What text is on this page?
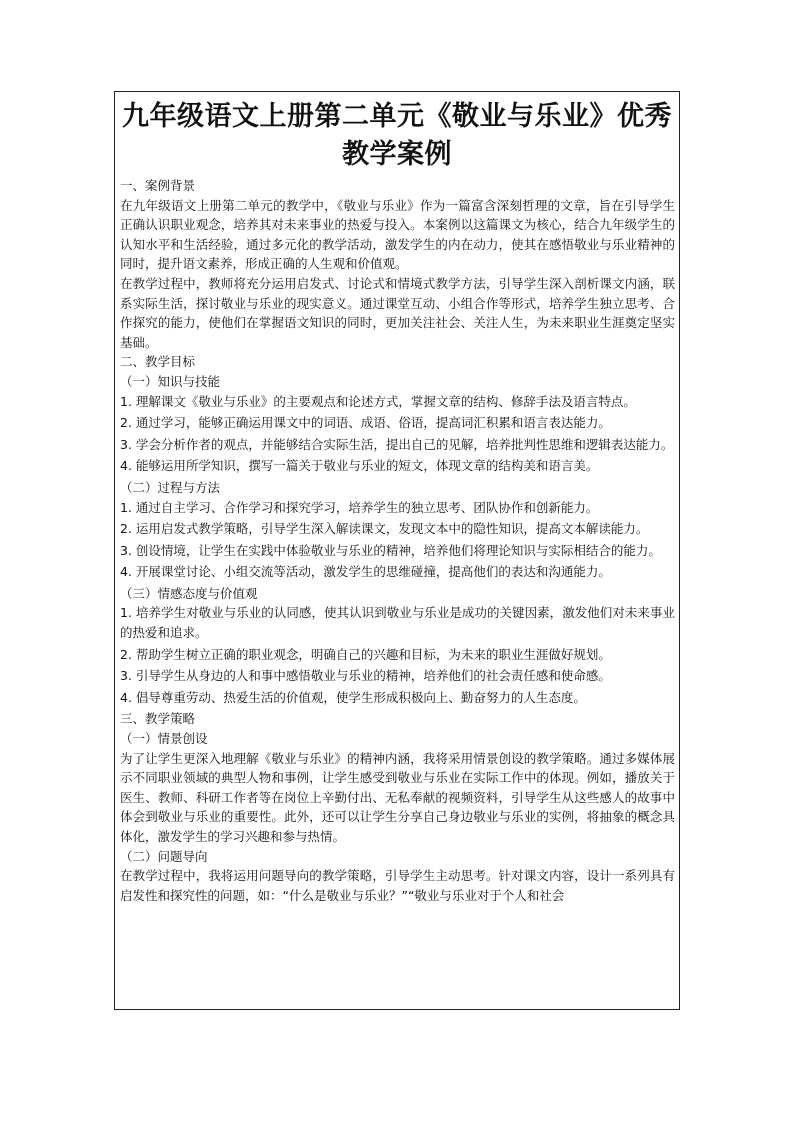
九年级语文上册第二单元《敬业与乐业》优秀教学案例

一、案例背景

在九年级语文上册第二单元的教学中，《敬业与乐业》作为一篇富含深刻哲理的文章，旨在引导学生正确认识职业观念，培养其对未来事业的热爱与投入。本案例以这篇课文为核心，结合九年级学生的认知水平和生活经验，通过多元化的教学活动，激发学生的内在动力，使其在感悟敬业与乐业精神的同时，提升语文素养，形成正确的人生观和价值观。

在教学过程中，教师将充分运用启发式、讨论式和情境式教学方法，引导学生深入剖析课文内涵，联系实际生活，探讨敬业与乐业的现实意义。通过课堂互动、小组合作等形式，培养学生独立思考、合作探究的能力，使他们在掌握语文知识的同时，更加关注社会、关注人生，为未来职业生涯奠定坚实基础。

二、教学目标

（一）知识与技能

1. 理解课文《敬业与乐业》的主要观点和论述方式，掌握文章的结构、修辞手法及语言特点。

2. 通过学习，能够正确运用课文中的词语、成语、俗语，提高词汇积累和语言表达能力。

3. 学会分析作者的观点，并能够结合实际生活，提出自己的见解，培养批判性思维和逻辑表达能力。

4. 能够运用所学知识，撰写一篇关于敬业与乐业的短文，体现文章的结构美和语言美。

（二）过程与方法

1. 通过自主学习、合作学习和探究学习，培养学生的独立思考、团队协作和创新能力。

2. 运用启发式教学策略，引导学生深入解读课文，发现文本中的隐性知识，提高文本解读能力。

3. 创设情境，让学生在实践中体验敬业与乐业的精神，培养他们将理论知识与实际相结合的能力。

4. 开展课堂讨论、小组交流等活动，激发学生的思维碰撞，提高他们的表达和沟通能力。

（三）情感态度与价值观

1. 培养学生对敬业与乐业的认同感，使其认识到敬业与乐业是成功的关键因素，激发他们对未来事业的热爱和追求。

2. 帮助学生树立正确的职业观念，明确自己的兴趣和目标，为未来的职业生涯做好规划。

3. 引导学生从身边的人和事中感悟敬业与乐业的精神，培养他们的社会责任感和使命感。

4. 倡导尊重劳动、热爱生活的价值观，使学生形成积极向上、勤奋努力的人生态度。

三、教学策略

（一）情景创设

为了让学生更深入地理解《敬业与乐业》的精神内涵，我将采用情景创设的教学策略。通过多媒体展示不同职业领域的典型人物和事例，让学生感受到敬业与乐业在实际工作中的体现。例如，播放关于医生、教师、科研工作者等在岗位上辛勤付出、无私奉献的视频资料，引导学生从这些感人的故事中体会到敬业与乐业的重要性。此外，还可以让学生分享自己身边敬业与乐业的实例，将抽象的概念具体化，激发学生的学习兴趣和参与热情。

（二）问题导向

在教学过程中，我将运用问题导向的教学策略，引导学生主动思考。针对课文内容，设计一系列具有启发性和探究性的问题，如：“什么是敬业与乐业？”“敬业与乐业对于个人和社会
